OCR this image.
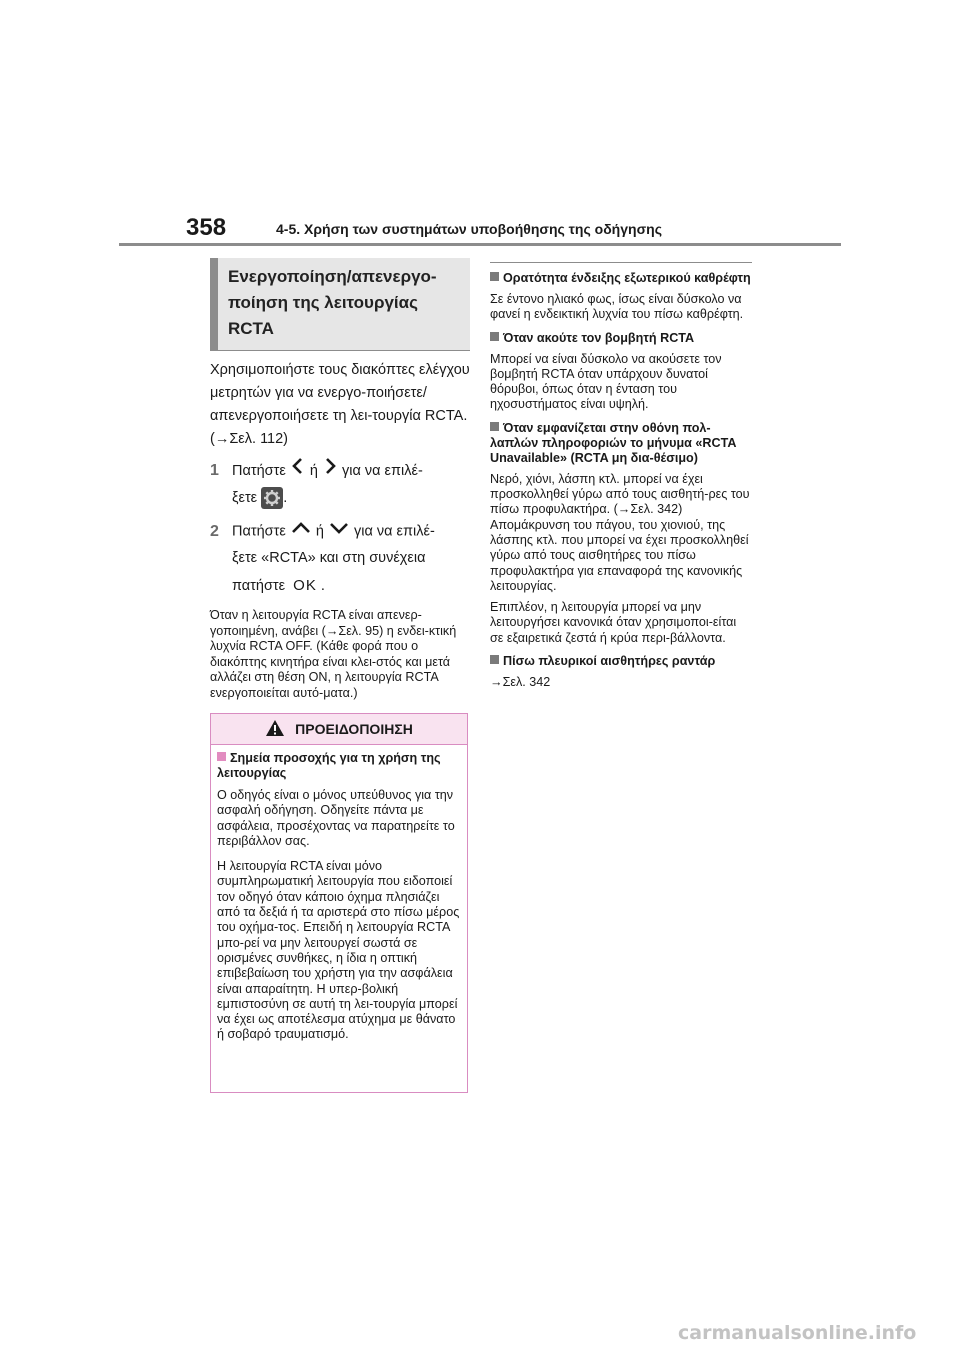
358	4-5. Χρήση των συστημάτων υποβοήθησης της οδήγησης
Ενεργοποίηση/απενεργο-ποίηση της λειτουργίας RCTA
Χρησιμοποιήστε τους διακόπτες ελέγχου μετρητών για να ενεργο-ποιήσετε/απενεργοποιήσετε τη λει-τουργία RCTA. (→Σελ. 112)
1 Πατήστε ή για να επιλέ-
ξετε .
2 Πατήστε ή για να επιλέ-
ξετε «RCTA» και στη συνέχεια
πατήστε OK .
Όταν η λειτουργία RCTA είναι απενερ-γοποιημένη, ανάβει (→Σελ. 95) η ενδει-κτική λυχνία RCTA OFF. (Κάθε φορά που ο διακόπτης κινητήρα είναι κλει-στός και μετά αλλάζει στη θέση ON, η λειτουργία RCTA ενεργοποιείται αυτό-ματα.)
ΠΡΟΕΙΔΟΠΟΙΗΣΗ
Σημεία προσοχής για τη χρήση της λειτουργίας
Ο οδηγός είναι ο μόνος υπεύθυνος για την ασφαλή οδήγηση. Οδηγείτε πάντα με ασφάλεια, προσέχοντας να παρατηρείτε το περιβάλλον σας.
Η λειτουργία RCTA είναι μόνο συμπληρωματική λειτουργία που ειδοποιεί τον οδηγό όταν κάποιο όχημα πλησιάζει από τα δεξιά ή τα αριστερά στο πίσω μέρος του οχήμα-τος. Επειδή η λειτουργία RCTA μπο-ρεί να μην λειτουργεί σωστά σε ορισμένες συνθήκες, η ίδια η οπτική επιβεβαίωση του χρήστη για την ασφάλεια είναι απαραίτητη. Η υπερ-βολική εμπιστοσύνη σε αυτή τη λει-τουργία μπορεί να έχει ως αποτέλεσμα ατύχημα με θάνατο ή σοβαρό τραυματισμό.
Ορατότητα ένδειξης εξωτερικού καθρέφτη
Σε έντονο ηλιακό φως, ίσως είναι δύσκολο να φανεί η ενδεικτική λυχνία του πίσω καθρέφτη.
Όταν ακούτε τον βομβητή RCTA
Μπορεί να είναι δύσκολο να ακούσετε τον βομβητή RCTA όταν υπάρχουν δυνατοί θόρυβοι, όπως όταν η ένταση του ηχοσυστήματος είναι υψηλή.
Όταν εμφανίζεται στην οθόνη πολ-λαπλών πληροφοριών το μήνυμα «RCTA Unavailable» (RCTA μη δια-θέσιμο)
Νερό, χιόνι, λάσπη κτλ. μπορεί να έχει προσκολληθεί γύρω από τους αισθητή-ρες του πίσω προφυλακτήρα. (→Σελ. 342) Απομάκρυνση του πάγου, του χιονιού, της λάσπης κτλ. που μπορεί να έχει προσκολληθεί γύρω από τους αισθητήρες του πίσω προφυλακτήρα για επαναφορά της κανονικής λειτουργίας.
Επιπλέον, η λειτουργία μπορεί να μην λειτουργήσει κανονικά όταν χρησιμοποι-είται σε εξαιρετικά ζεστά ή κρύα περι-βάλλοντα.
Πίσω πλευρικοί αισθητήρες ραντάρ
→Σελ. 342
carmanualsonline.info
